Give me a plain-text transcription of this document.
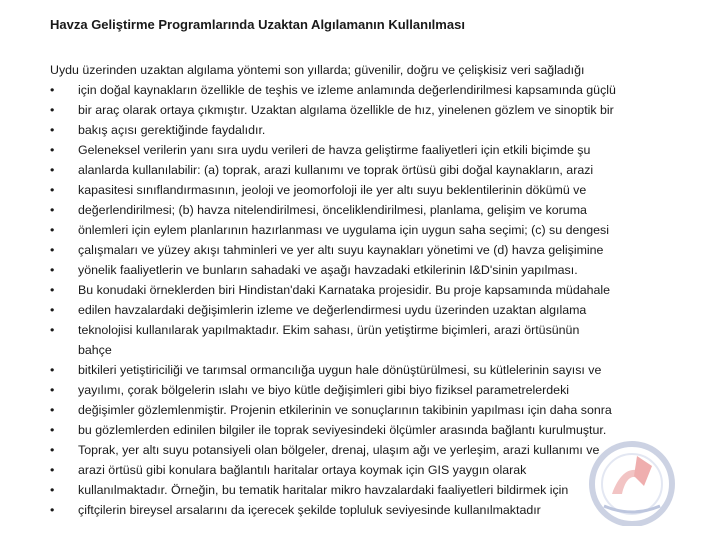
Havza Geliştirme Programlarında Uzaktan Algılamanın Kullanılması
Uydu üzerinden uzaktan algılama yöntemi son yıllarda; güvenilir, doğru ve çelişkisiz veri sağladığı
• için doğal kaynakların özellikle de teşhis ve izleme anlamında değerlendirilmesi kapsamında güçlü
• bir araç olarak ortaya çıkmıştır. Uzaktan algılama özellikle de hız, yinelenen gözlem ve sinoptik bir
• bakış açısı gerektiğinde faydalıdır.
• Geleneksel verilerin yanı sıra uydu verileri de havza geliştirme faaliyetleri için etkili biçimde şu
• alanlarda kullanılabilir: (a) toprak, arazi kullanımı ve toprak örtüsü gibi doğal kaynakların, arazi
• kapasitesi sınıflandırmasının, jeoloji ve jeomorfoloji ile yer altı suyu beklentilerinin dökümü ve
• değerlendirilmesi; (b) havza nitelendirilmesi, önceliklendirilmesi, planlama, gelişim ve koruma
• önlemleri için eylem planlarının hazırlanması ve uygulama için uygun saha seçimi; (c) su dengesi
• çalışmaları ve yüzey akışı tahminleri ve yer altı suyu kaynakları yönetimi ve (d) havza gelişimine
• yönelik faaliyetlerin ve bunların sahadaki ve aşağı havzadaki etkilerinin I&D'sinin yapılması.
• Bu konudaki örneklerden biri Hindistan'daki Karnataka projesidir. Bu proje kapsamında müdahale
• edilen havzalardaki değişimlerin izleme ve değerlendirmesi uydu üzerinden uzaktan algılama
• teknolojisi kullanılarak yapılmaktadır. Ekim sahası, ürün yetiştirme biçimleri, arazi örtüsünün
bahçe
• bitkileri yetiştiriciliği ve tarımsal ormancılığa uygun hale dönüştürülmesi, su kütlelerinin sayısı ve
• yayılımı, çorak bölgelerin ıslahı ve biyo kütle değişimleri gibi biyo fiziksel parametrelerdeki
• değişimler gözlemlenmiştir. Projenin etkilerinin ve sonuçlarının takibinin yapılması için daha sonra
• bu gözlemlerden edinilen bilgiler ile toprak seviyesindeki ölçümler arasında bağlantı kurulmuştur.
• Toprak, yer altı suyu potansiyeli olan bölgeler, drenaj, ulaşım ağı ve yerleşim, arazi kullanımı ve
• arazi örtüsü gibi konulara bağlantılı haritalar ortaya koymak için GIS yaygın olarak
• kullanılmaktadır. Örneğin, bu tematik haritalar mikro havzalardaki faaliyetleri bildirmek için
• çiftçilerin bireysel arsalarını da içerecek şekilde topluluk seviyesinde kullanılmaktadır
